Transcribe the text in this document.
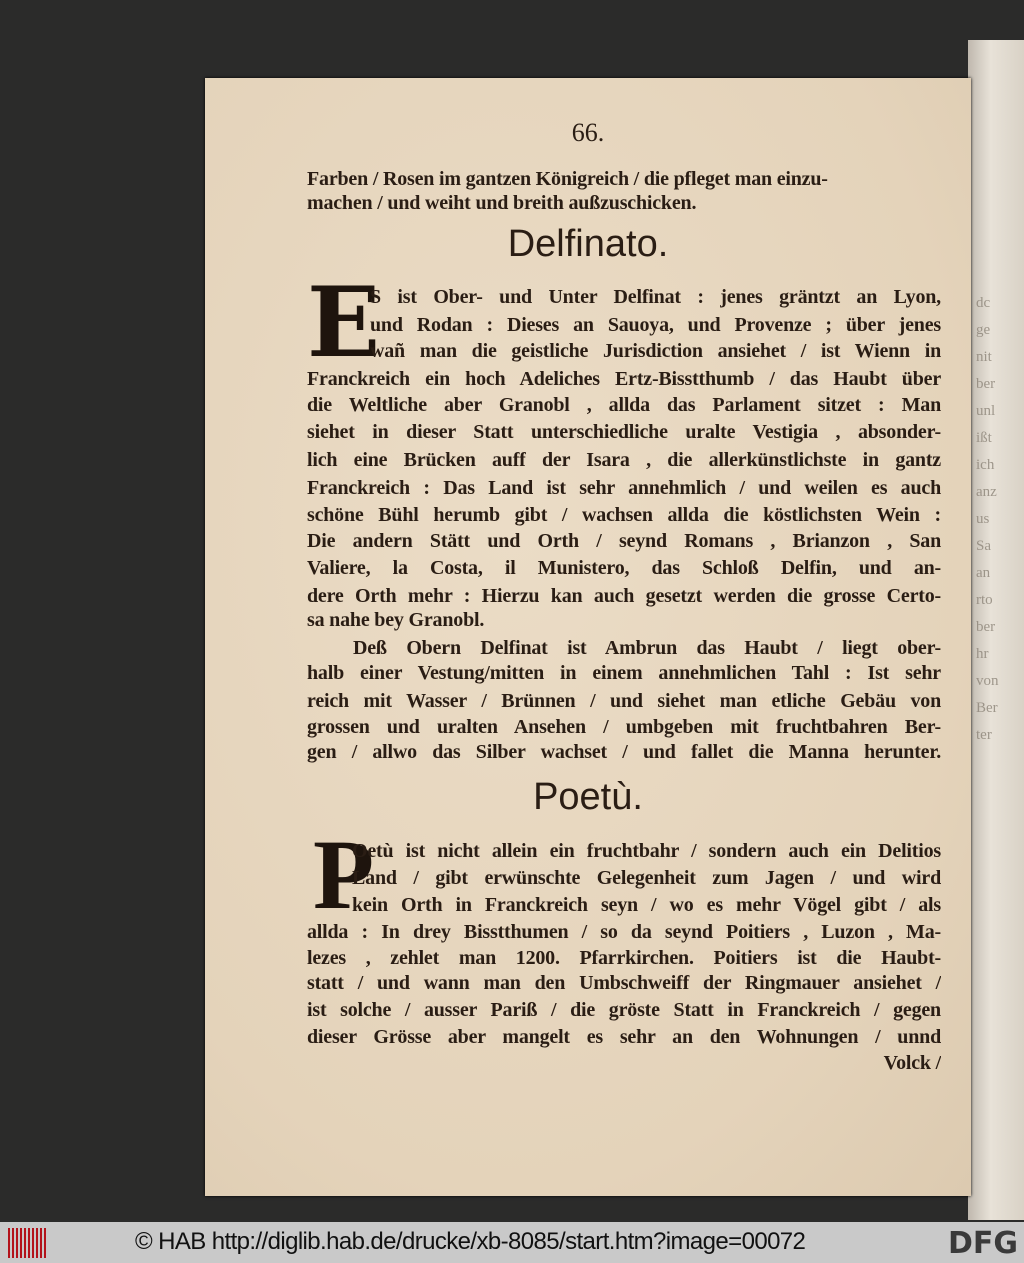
dc
ge
nit
ber
unl
ißt
ich
anz
us
Sa
an
rto
ber
hr
von
Ber
ter
66.
Farben / Rosen im gantzen Königreich / die pfleget man einzu-
machen / und weiht und breith außzuschicken.
Delfinato.
E
Poetù.
P
S ist Ober- und Unter Delfinat : jenes gräntzt an Lyon,
und Rodan : Dieses an Sauoya, und Provenze ; über jenes
wañ man die geistliche Jurisdiction ansiehet / ist Wienn in
Franckreich ein hoch Adeliches Ertz-Bisstthumb / das Haubt über
die Weltliche aber Granobl , allda das Parlament sitzet : Man
siehet in dieser Statt unterschiedliche uralte Vestigia , absonder-
lich eine Brücken auff der Isara , die allerkünstlichste in gantz
Franckreich : Das Land ist sehr annehmlich / und weilen es auch
schöne Bühl herumb gibt / wachsen allda die köstlichsten Wein :
Die andern Stätt und Orth / seynd Romans , Brianzon , San
Valiere, la Costa, il Munistero, das Schloß Delfin, und an-
dere Orth mehr : Hierzu kan auch gesetzt werden die grosse Certo-
sa nahe bey Granobl.
Deß Obern Delfinat ist Ambrun das Haubt / liegt ober-
halb einer Vestung/mitten in einem annehmlichen Tahl : Ist sehr
reich mit Wasser / Brünnen / und siehet man etliche Gebäu von
grossen und uralten Ansehen / umbgeben mit fruchtbahren Ber-
gen / allwo das Silber wachset / und fallet die Manna herunter.
Oetù ist nicht allein ein fruchtbahr / sondern auch ein Delitios
Land / gibt erwünschte Gelegenheit zum Jagen / und wird
kein Orth in Franckreich seyn / wo es mehr Vögel gibt / als
allda : In drey Bisstthumen / so da seynd Poitiers , Luzon , Ma-
lezes , zehlet man 1200. Pfarrkirchen. Poitiers ist die Haubt-
statt / und wann man den Umbschweiff der Ringmauer ansiehet /
ist solche / ausser Pariß / die gröste Statt in Franckreich / gegen
dieser Grösse aber mangelt es sehr an den Wohnungen / unnd
Volck /
© HAB http://diglib.hab.de/drucke/xb-8085/start.htm?image=00072	DFG
